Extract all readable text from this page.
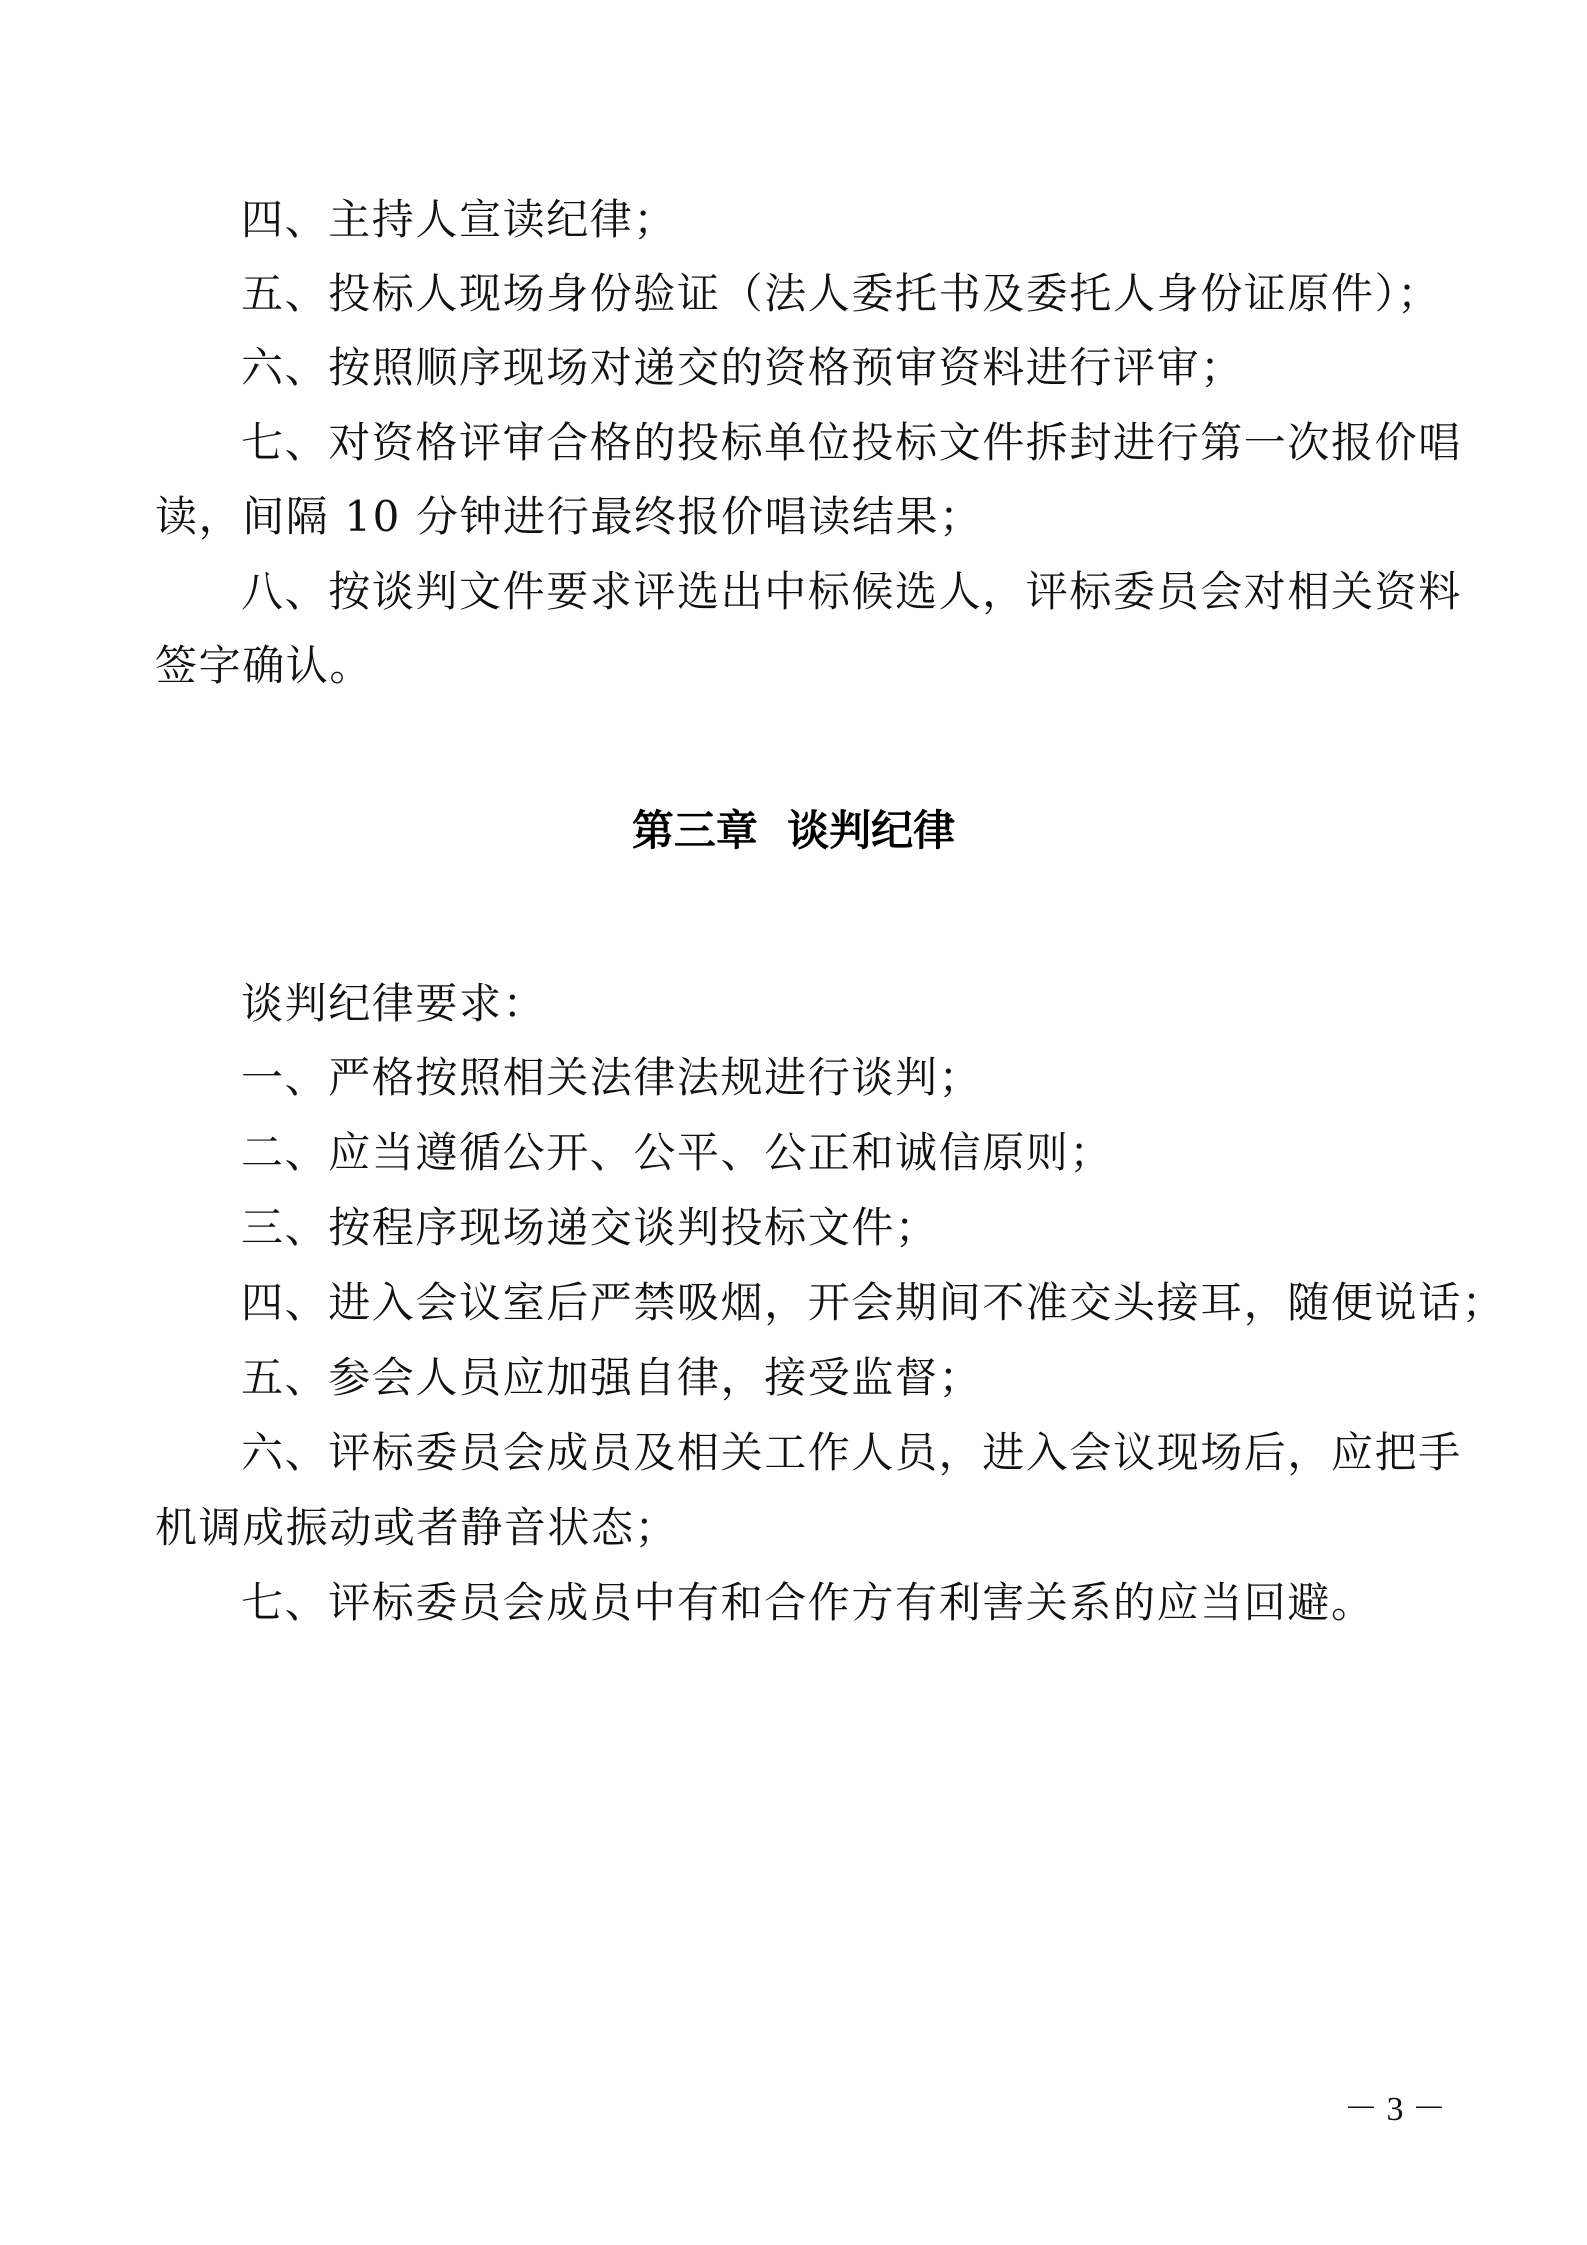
四、主持人宣读纪律；
五、投标人现场身份验证（法人委托书及委托人身份证原件）；
六、按照顺序现场对递交的资格预审资料进行评审；
七、对资格评审合格的投标单位投标文件拆封进行第一次报价唱
读，间隔 10 分钟进行最终报价唱读结果；
八、按谈判文件要求评选出中标候选人，评标委员会对相关资料
签字确认。
第三章  谈判纪律
谈判纪律要求：
一、严格按照相关法律法规进行谈判；
二、应当遵循公开、公平、公正和诚信原则；
三、按程序现场递交谈判投标文件；
四、进入会议室后严禁吸烟，开会期间不准交头接耳，随便说话；
五、参会人员应加强自律，接受监督；
六、评标委员会成员及相关工作人员，进入会议现场后，应把手
机调成振动或者静音状态；
七、评标委员会成员中有和合作方有利害关系的应当回避。
－ 3 －
